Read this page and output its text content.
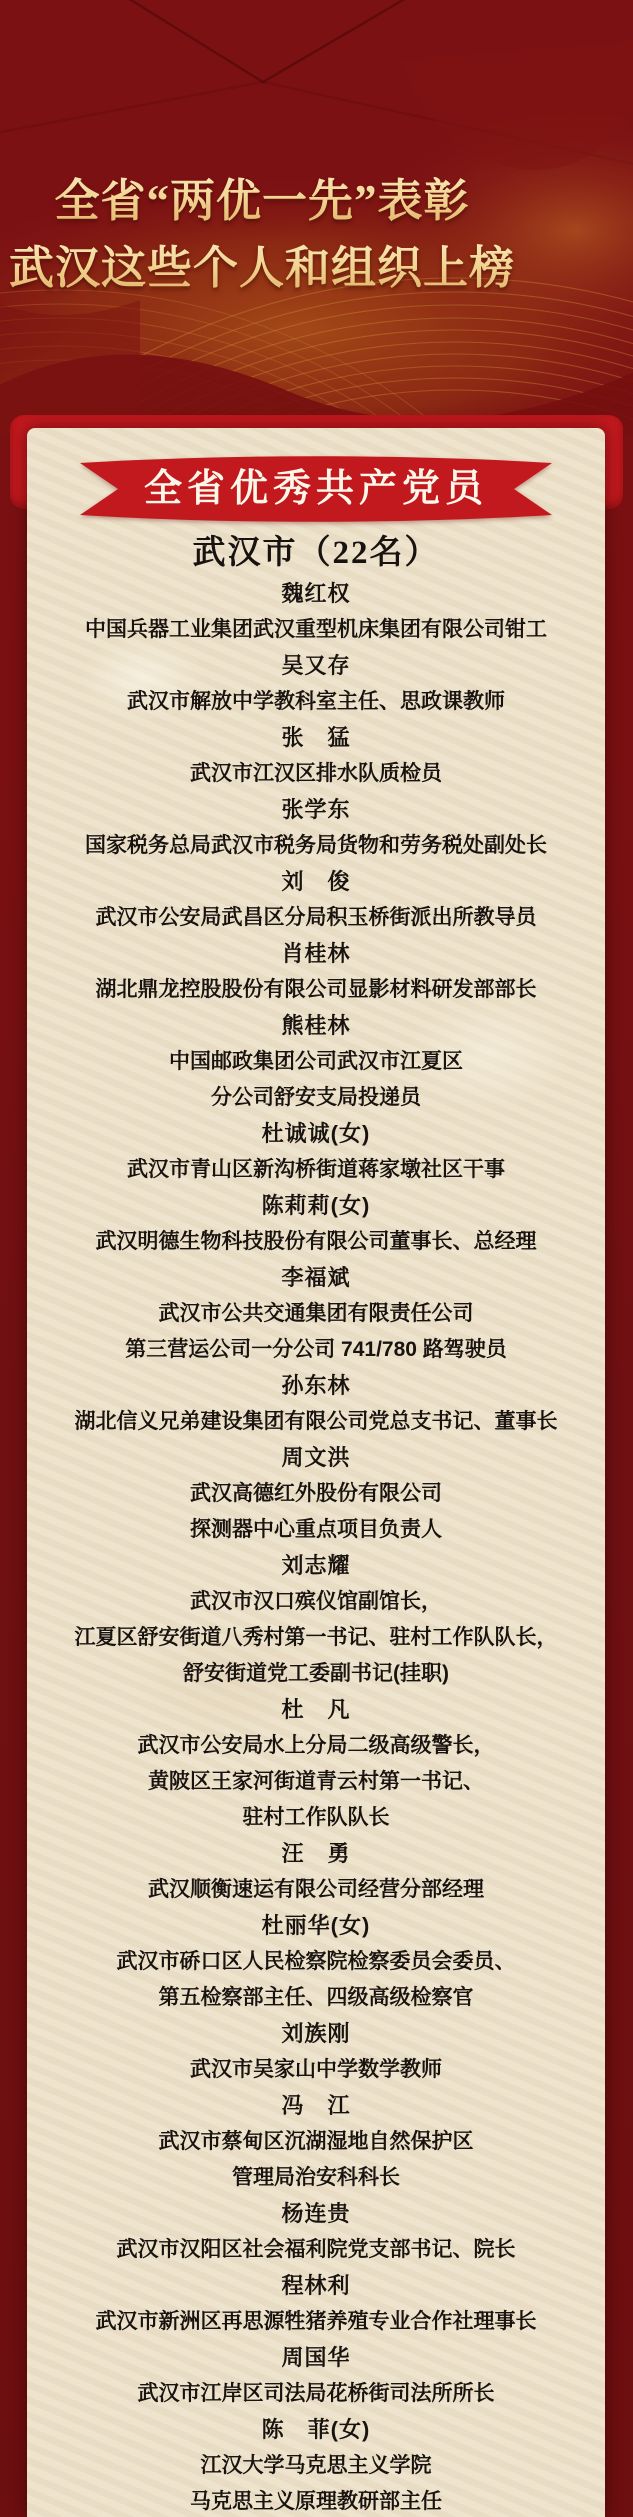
全省“两优一先”表彰
武汉这些个人和组织上榜
全省优秀共产党员
武汉市（22名）
魏红权
中国兵器工业集团武汉重型机床集团有限公司钳工
吴又存
武汉市解放中学教科室主任、思政课教师
张　猛
武汉市江汉区排水队质检员
张学东
国家税务总局武汉市税务局货物和劳务税处副处长
刘　俊
武汉市公安局武昌区分局积玉桥街派出所教导员
肖桂林
湖北鼎龙控股股份有限公司显影材料研发部部长
熊桂林
中国邮政集团公司武汉市江夏区
分公司舒安支局投递员
杜诚诚(女)
武汉市青山区新沟桥街道蒋家墩社区干事
陈莉莉(女)
武汉明德生物科技股份有限公司董事长、总经理
李福斌
武汉市公共交通集团有限责任公司
第三营运公司一分公司 741/780 路驾驶员
孙东林
湖北信义兄弟建设集团有限公司党总支书记、董事长
周文洪
武汉高德红外股份有限公司
探测器中心重点项目负责人
刘志耀
武汉市汉口殡仪馆副馆长，
江夏区舒安街道八秀村第一书记、驻村工作队队长，
舒安街道党工委副书记(挂职)
杜　凡
武汉市公安局水上分局二级高级警长，
黄陂区王家河街道青云村第一书记、
驻村工作队队长
汪　勇
武汉顺衡速运有限公司经营分部经理
杜丽华(女)
武汉市硚口区人民检察院检察委员会委员、
第五检察部主任、四级高级检察官
刘族刚
武汉市吴家山中学数学教师
冯　江
武汉市蔡甸区沉湖湿地自然保护区
管理局治安科科长
杨连贵
武汉市汉阳区社会福利院党支部书记、院长
程林利
武汉市新洲区再思源牲猪养殖专业合作社理事长
周国华
武汉市江岸区司法局花桥街司法所所长
陈　菲(女)
江汉大学马克思主义学院
马克思主义原理教研部主任
